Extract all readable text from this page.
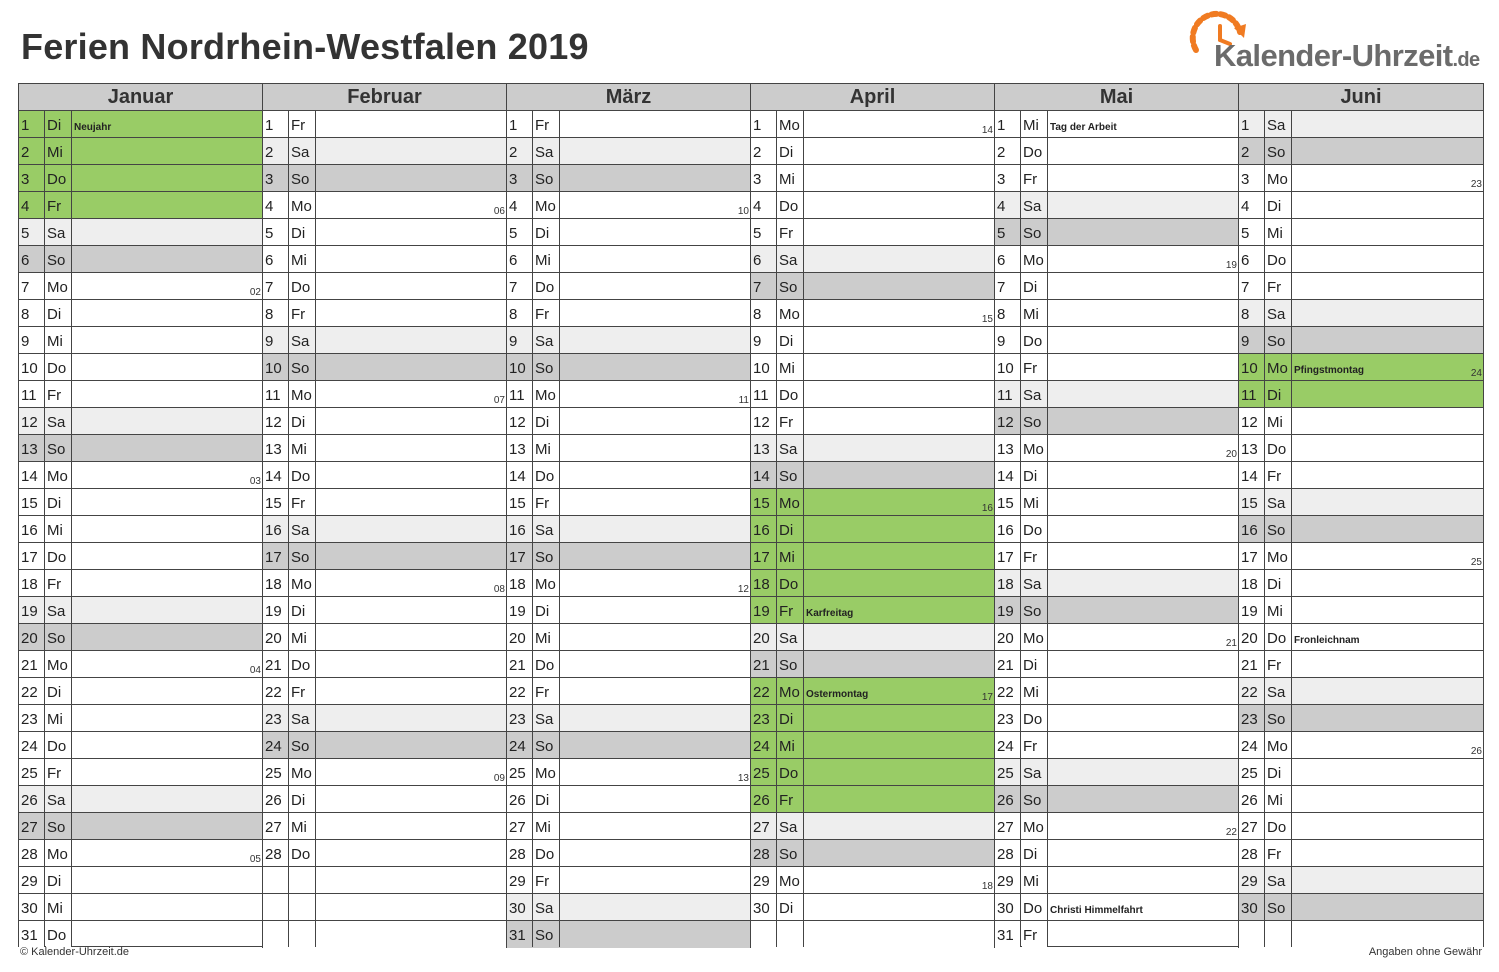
Ferien Nordrhein-Westfalen 2019	Kalender-Uhrzeit.de
Januar
1	Di	Neujahr
2	Mi
3	Do
4	Fr
5	Sa
6	So
7	Mo	02
8	Di
9	Mi
10 Do
11 Fr
12 Sa
13 So
14 Mo	03
15 Di
16 Mi
17 Do
18 Fr
19 Sa
20 So
21 Mo	04
22 Di
23 Mi
24 Do
25 Fr
26 Sa
27 So
28 Mo	05
29 Di
30 Mi
31 Do
Februar
1	Fr
2	Sa
3	So
4	Mo	06
5	Di
6	Mi
7	Do
8	Fr
9	Sa
10 So
11 Mo	07
12 Di
13 Mi
14 Do
15 Fr
16 Sa
17 So
18 Mo	08
19 Di
20 Mi
21 Do
22 Fr
23 Sa
24 So
25 Mo	09
26 Di
27 Mi
28 Do
März
1	Fr
2	Sa
3	So
4	Mo	10
5	Di
6	Mi
7	Do
8	Fr
9	Sa
10 So
11 Mo	11
12 Di
13 Mi
14 Do
15 Fr
16 Sa
17 So
18 Mo	12
19 Di
20 Mi
21 Do
22 Fr
23 Sa
24 So
25 Mo	13
26 Di
27 Mi
28 Do
29 Fr
30 Sa
31 So
April
1	Mo	14
2	Di
3	Mi
4	Do
5	Fr
6	Sa
7	So
8	Mo	15
9	Di
10 Mi
11 Do
12 Fr
13 Sa
14 So
15 Mo	16
16 Di
17 Mi
18 Do
19 Fr	Karfreitag
20 Sa
21 So
22 Mo Ostermontag	17
23 Di
24 Mi
25 Do
26 Fr
27 Sa
28 So
29 Mo	18
30 Di
Mai
1	Mi	Tag der Arbeit
2	Do
3	Fr
4	Sa
5	So
6	Mo	19
7	Di
8	Mi
9	Do
10 Fr
11 Sa
12 So
13 Mo	20
14 Di
15 Mi
16 Do
17 Fr
18 Sa
19 So
20 Mo	21
21 Di
22 Mi
23 Do
24 Fr
25 Sa
26 So
27 Mo	22
28 Di
29 Mi
30 Do Christi Himmelfahrt
31 Fr
Juni
1	Sa
2	So
3	Mo	23
4	Di
5	Mi
6	Do
7	Fr
8	Sa
9	So
10 Mo Pfingstmontag	24
11 Di
12 Mi
13 Do
14 Fr
15 Sa
16 So
17 Mo	25
18 Di
19 Mi
20 Do Fronleichnam
21 Fr
22 Sa
23 So
24 Mo	26
25 Di
26 Mi
27 Do
28 Fr
29 Sa
30 So
© Kalender-Uhrzeit.de	Angaben ohne Gewähr
